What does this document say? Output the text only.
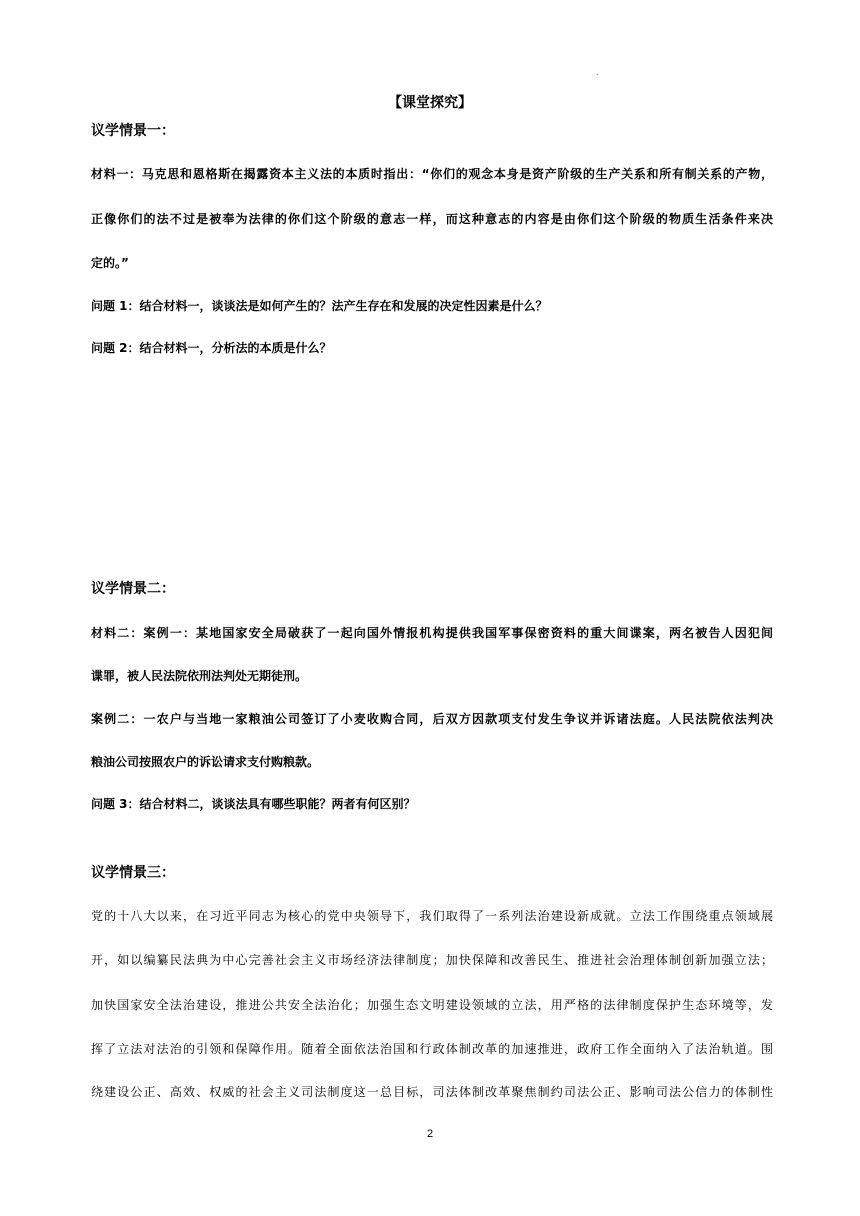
.
【课堂探究】
议学情景一：
材料一：马克思和恩格斯在揭露资本主义法的本质时指出：“你们的观念本身是资产阶级的生产关系和所有制关系的产物，
正像你们的法不过是被奉为法律的你们这个阶级的意志一样，而这种意志的内容是由你们这个阶级的物质生活条件来决
定的。”
问题 1：结合材料一，谈谈法是如何产生的？法产生存在和发展的决定性因素是什么？
问题 2：结合材料一，分析法的本质是什么？
议学情景二：
材料二：案例一：某地国家安全局破获了一起向国外情报机构提供我国军事保密资料的重大间谍案，两名被告人因犯间
谍罪，被人民法院依刑法判处无期徒刑。
案例二：一农户与当地一家粮油公司签订了小麦收购合同，后双方因款项支付发生争议并诉诸法庭。人民法院依法判决
粮油公司按照农户的诉讼请求支付购粮款。
问题 3：结合材料二，谈谈法具有哪些职能？两者有何区别？
议学情景三：
党的十八大以来，在习近平同志为核心的党中央领导下，我们取得了一系列法治建设新成就。立法工作围绕重点领域展
开，如以编纂民法典为中心完善社会主义市场经济法律制度；加快保障和改善民生、推进社会治理体制创新加强立法；
加快国家安全法治建设，推进公共安全法治化；加强生态文明建设领域的立法，用严格的法律制度保护生态环境等，发
挥了立法对法治的引领和保障作用。随着全面依法治国和行政体制改革的加速推进，政府工作全面纳入了法治轨道。围
绕建设公正、高效、权威的社会主义司法制度这一总目标，司法体制改革聚焦制约司法公正、影响司法公信力的体制性
2
